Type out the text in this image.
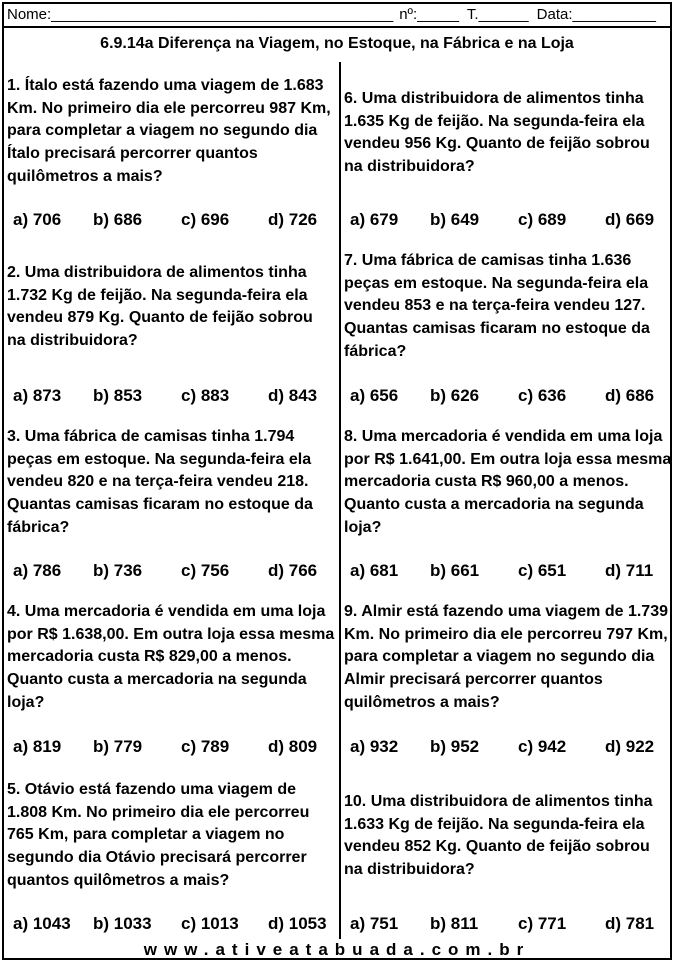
Nome:_________________________________________ nº:_____ T.______ Data:__________
6.9.14a Diferença na Viagem, no Estoque, na Fábrica e na Loja
1. Ítalo está fazendo uma viagem de 1.683 Km. No primeiro dia ele percorreu 987 Km, para completar a viagem no segundo dia Ítalo precisará percorrer quantos quilômetros a mais?
a) 706 b) 686 c) 696 d) 726
2. Uma distribuidora de alimentos tinha 1.732 Kg de feijão. Na segunda-feira ela vendeu 879 Kg. Quanto de feijão sobrou na distribuidora?
a) 873 b) 853 c) 883 d) 843
3. Uma fábrica de camisas tinha 1.794 peças em estoque. Na segunda-feira ela vendeu 820 e na terça-feira vendeu 218. Quantas camisas ficaram no estoque da fábrica?
a) 786 b) 736 c) 756 d) 766
4. Uma mercadoria é vendida em uma loja por R$ 1.638,00. Em outra loja essa mesma mercadoria custa R$ 829,00 a menos. Quanto custa a mercadoria na segunda loja?
a) 819 b) 779 c) 789 d) 809
5. Otávio está fazendo uma viagem de 1.808 Km. No primeiro dia ele percorreu 765 Km, para completar a viagem no segundo dia Otávio precisará percorrer quantos quilômetros a mais?
a) 1043 b) 1033 c) 1013 d) 1053
6. Uma distribuidora de alimentos tinha 1.635 Kg de feijão. Na segunda-feira ela vendeu 956 Kg. Quanto de feijão sobrou na distribuidora?
a) 679 b) 649 c) 689 d) 669
7. Uma fábrica de camisas tinha 1.636 peças em estoque. Na segunda-feira ela vendeu 853 e na terça-feira vendeu 127. Quantas camisas ficaram no estoque da fábrica?
a) 656 b) 626 c) 636 d) 686
8. Uma mercadoria é vendida em uma loja por R$ 1.641,00. Em outra loja essa mesma mercadoria custa R$ 960,00 a menos. Quanto custa a mercadoria na segunda loja?
a) 681 b) 661 c) 651 d) 711
9. Almir está fazendo uma viagem de 1.739 Km. No primeiro dia ele percorreu 797 Km, para completar a viagem no segundo dia Almir precisará percorrer quantos quilômetros a mais?
a) 932 b) 952 c) 942 d) 922
10. Uma distribuidora de alimentos tinha 1.633 Kg de feijão. Na segunda-feira ela vendeu 852 Kg. Quanto de feijão sobrou na distribuidora?
a) 751 b) 811 c) 771 d) 781
www.ativeatabuada.com.br
